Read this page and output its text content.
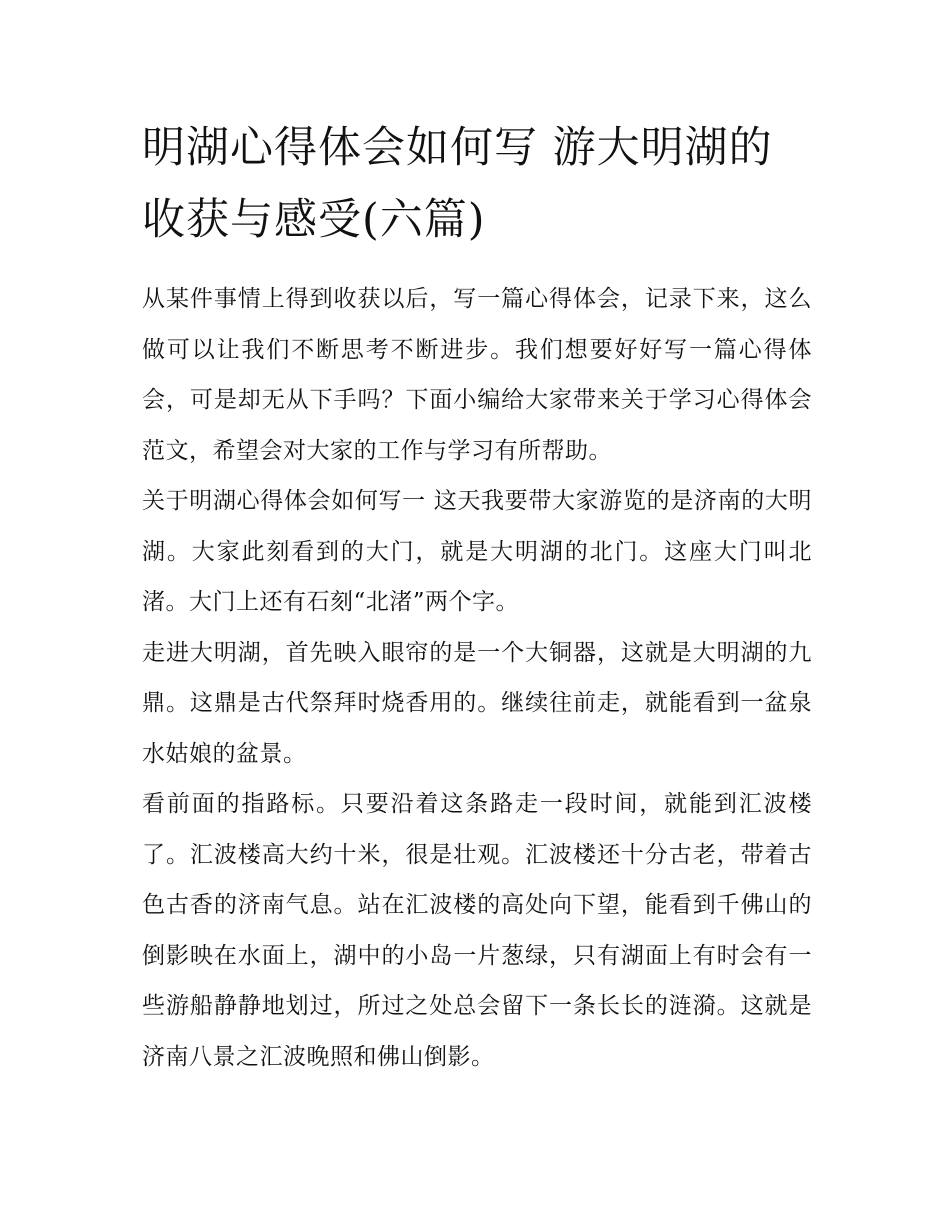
明湖心得体会如何写 游大明湖的收获与感受(六篇)

从某件事情上得到收获以后，写一篇心得体会，记录下来，这么做可以让我们不断思考不断进步。我们想要好好写一篇心得体会，可是却无从下手吗？下面小编给大家带来关于学习心得体会范文，希望会对大家的工作与学习有所帮助。

关于明湖心得体会如何写一 这天我要带大家游览的是济南的大明湖。大家此刻看到的大门，就是大明湖的北门。这座大门叫北渚。大门上还有石刻“北渚”两个字。

走进大明湖，首先映入眼帘的是一个大铜器，这就是大明湖的九鼎。这鼎是古代祭拜时烧香用的。继续往前走，就能看到一盆泉水姑娘的盆景。

看前面的指路标。只要沿着这条路走一段时间，就能到汇波楼了。汇波楼高大约十米，很是壮观。汇波楼还十分古老，带着古色古香的济南气息。站在汇波楼的高处向下望，能看到千佛山的倒影映在水面上，湖中的小岛一片葱绿，只有湖面上有时会有一些游船静静地划过，所过之处总会留下一条长长的涟漪。这就是济南八景之汇波晚照和佛山倒影。
